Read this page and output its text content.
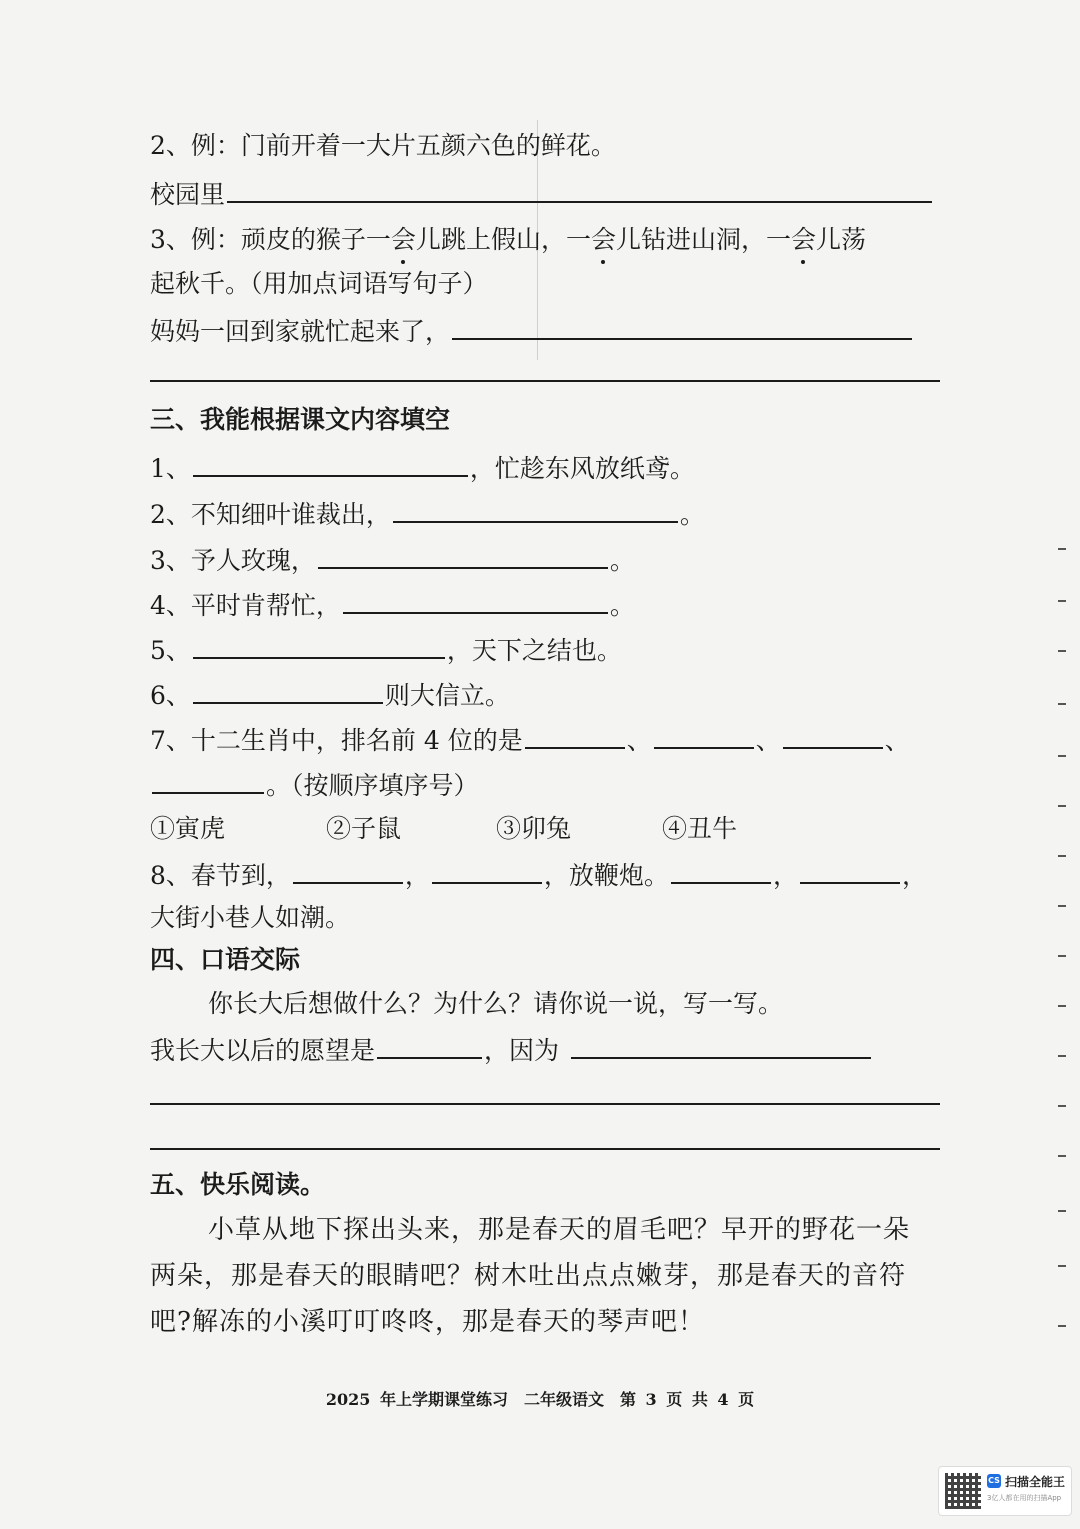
2、例：门前开着一大片五颜六色的鲜花。
校园里
3、例：顽皮的猴子一会儿跳上假山，一会儿钻进山洞，一会儿荡
起秋千。（用加点词语写句子）
妈妈一回到家就忙起来了，
三、我能根据课文内容填空
1、	，忙趁东风放纸鸢。
2、不知细叶谁裁出，	。
3、予人玫瑰，	。
4、平时肯帮忙，	。
5、	，天下之结也。
6、	则大信立。
7、十二生肖中，排名前 4 位的是	、	、	、
。（按顺序填序号）
①寅虎	②子鼠	③卯兔	④丑牛
8、春节到，	，	，放鞭炮。	，	，
大街小巷人如潮。
四、口语交际
你长大后想做什么？为什么？请你说一说，写一写。
我长大以后的愿望是	，因为
五、快乐阅读。
小草从地下探出头来，那是春天的眉毛吧？早开的野花一朵
两朵，那是春天的眼睛吧？树木吐出点点嫩芽，那是春天的音符
吧?解冻的小溪叮叮咚咚，那是春天的琴声吧！
2025 年上学期课堂练习　二年级语文　第 3 页 共 4 页
CS 扫描全能王
3亿人都在用的扫描App
